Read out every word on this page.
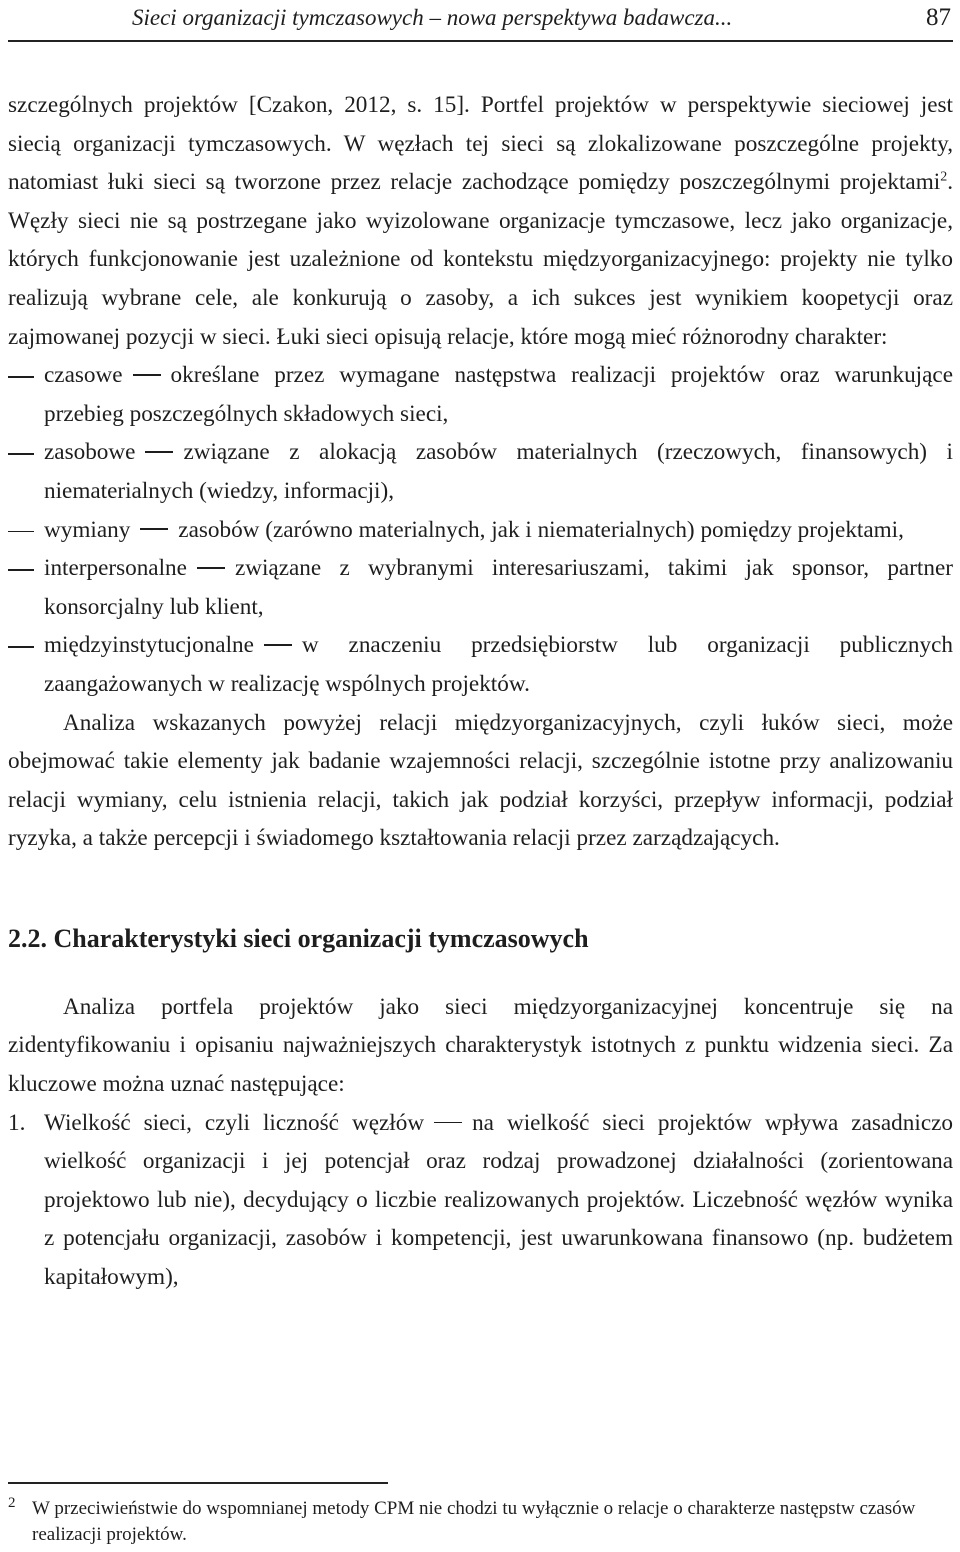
Sieci organizacji tymczasowych – nowa perspektywa badawcza...	87

szczególnych projektów [Czakon, 2012, s. 15]. Portfel projektów w perspektywie sieciowej jest siecią organizacji tymczasowych. W węzłach tej sieci są zlokalizowane poszczególne projekty, natomiast łuki sieci są tworzone przez relacje zachodzące pomiędzy poszczególnymi projektami$^2$. Węzły sieci nie są postrzegane jako wyizolowane organizacje tymczasowe, lecz jako organizacje, których funkcjonowanie jest uzależnione od kontekstu międzyorganizacyjnego: projekty nie tylko realizują wybrane cele, ale konkurują o zasoby, a ich sukces jest wynikiem koopetycji oraz zajmowanej pozycji w sieci. Łuki sieci opisują relacje, które mogą mieć różnorodny charakter:

czasowe określane przez wymagane następstwa realizacji projektów oraz warunkujące przebieg poszczególnych składowych sieci,
zasobowe związane z alokacją zasobów materialnych (rzeczowych, finansowych) i niematerialnych (wiedzy, informacji),
wymiany zasobów (zarówno materialnych, jak i niematerialnych) pomiędzy projektami,
interpersonalne związane z wybranymi interesariuszami, takimi jak sponsor, partner konsorcjalny lub klient,
międzyinstytucjonalne w znaczeniu przedsiębiorstw lub organizacji publicznych zaangażowanych w realizację wspólnych projektów.

Analiza wskazanych powyżej relacji międzyorganizacyjnych, czyli łuków sieci, może obejmować takie elementy jak badanie wzajemności relacji, szczególnie istotne przy analizowaniu relacji wymiany, celu istnienia relacji, takich jak podział korzyści, przepływ informacji, podział ryzyka, a także percepcji i świadomego kształtowania relacji przez zarządzających.

2.2. Charakterystyki sieci organizacji tymczasowych

Analiza portfela projektów jako sieci międzyorganizacyjnej koncentruje się na zidentyfikowaniu i opisaniu najważniejszych charakterystyk istotnych z punktu widzenia sieci. Za kluczowe można uznać następujące:

1. Wielkość sieci, czyli liczność węzłów na wielkość sieci projektów wpływa zasadniczo wielkość organizacji i jej potencjał oraz rodzaj prowadzonej działalności (zorientowana projektowo lub nie), decydujący o liczbie realizowanych projektów. Liczebność węzłów wynika z potencjału organizacji, zasobów i kompetencji, jest uwarunkowana finansowo (np. budżetem kapitałowym),
2 W przeciwieństwie do wspomnianej metody CPM nie chodzi tu wyłącznie o relacje o charakterze następstw czasów realizacji projektów.
